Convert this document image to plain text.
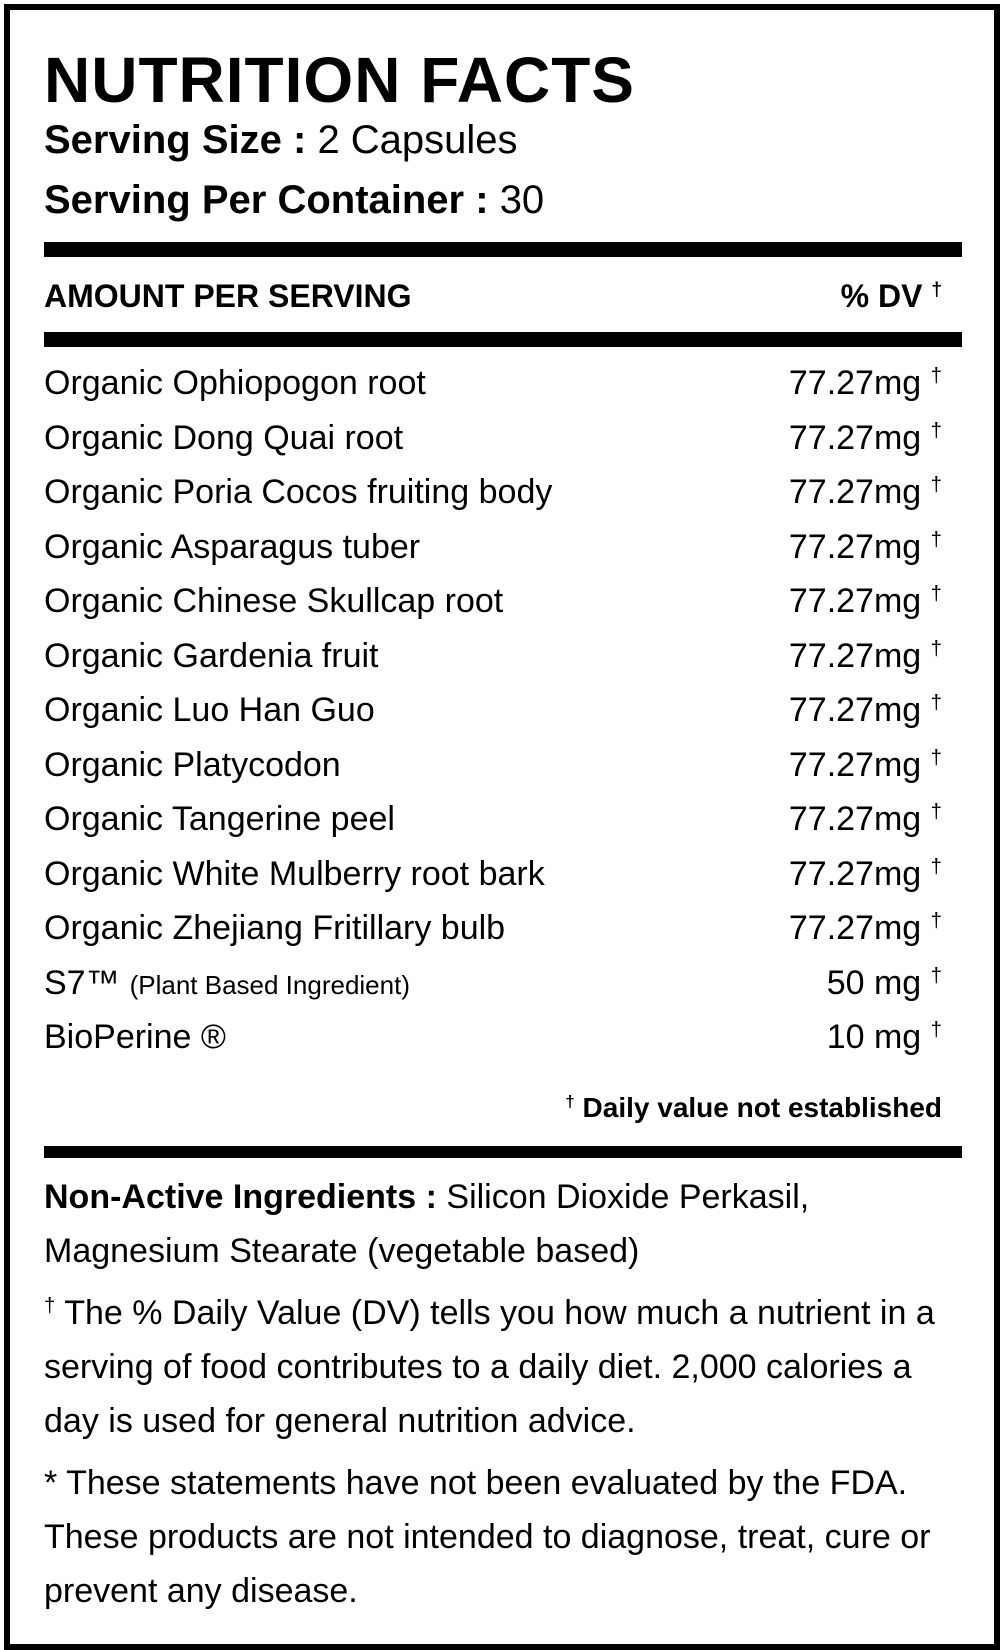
NUTRITION FACTS
Serving Size : 2 Capsules
Serving Per Container : 30
AMOUNT PER SERVING	% DV †
Organic Ophiopogon root	77.27mg †
Organic Dong Quai root	77.27mg †
Organic Poria Cocos fruiting body	77.27mg †
Organic Asparagus tuber	77.27mg †
Organic Chinese Skullcap root	77.27mg †
Organic Gardenia fruit	77.27mg †
Organic Luo Han Guo	77.27mg †
Organic Platycodon	77.27mg †
Organic Tangerine peel	77.27mg †
Organic White Mulberry root bark	77.27mg †
Organic Zhejiang Fritillary bulb	77.27mg †
S7™ (Plant Based Ingredient)	50 mg †
BioPerine ®	10 mg †
† Daily value not established
Non-Active Ingredients : Silicon Dioxide Perkasil, Magnesium Stearate (vegetable based)
† The % Daily Value (DV) tells you how much a nutrient in a serving of food contributes to a daily diet. 2,000 calories a day is used for general nutrition advice.
* These statements have not been evaluated by the FDA. These products are not intended to diagnose, treat, cure or prevent any disease.
